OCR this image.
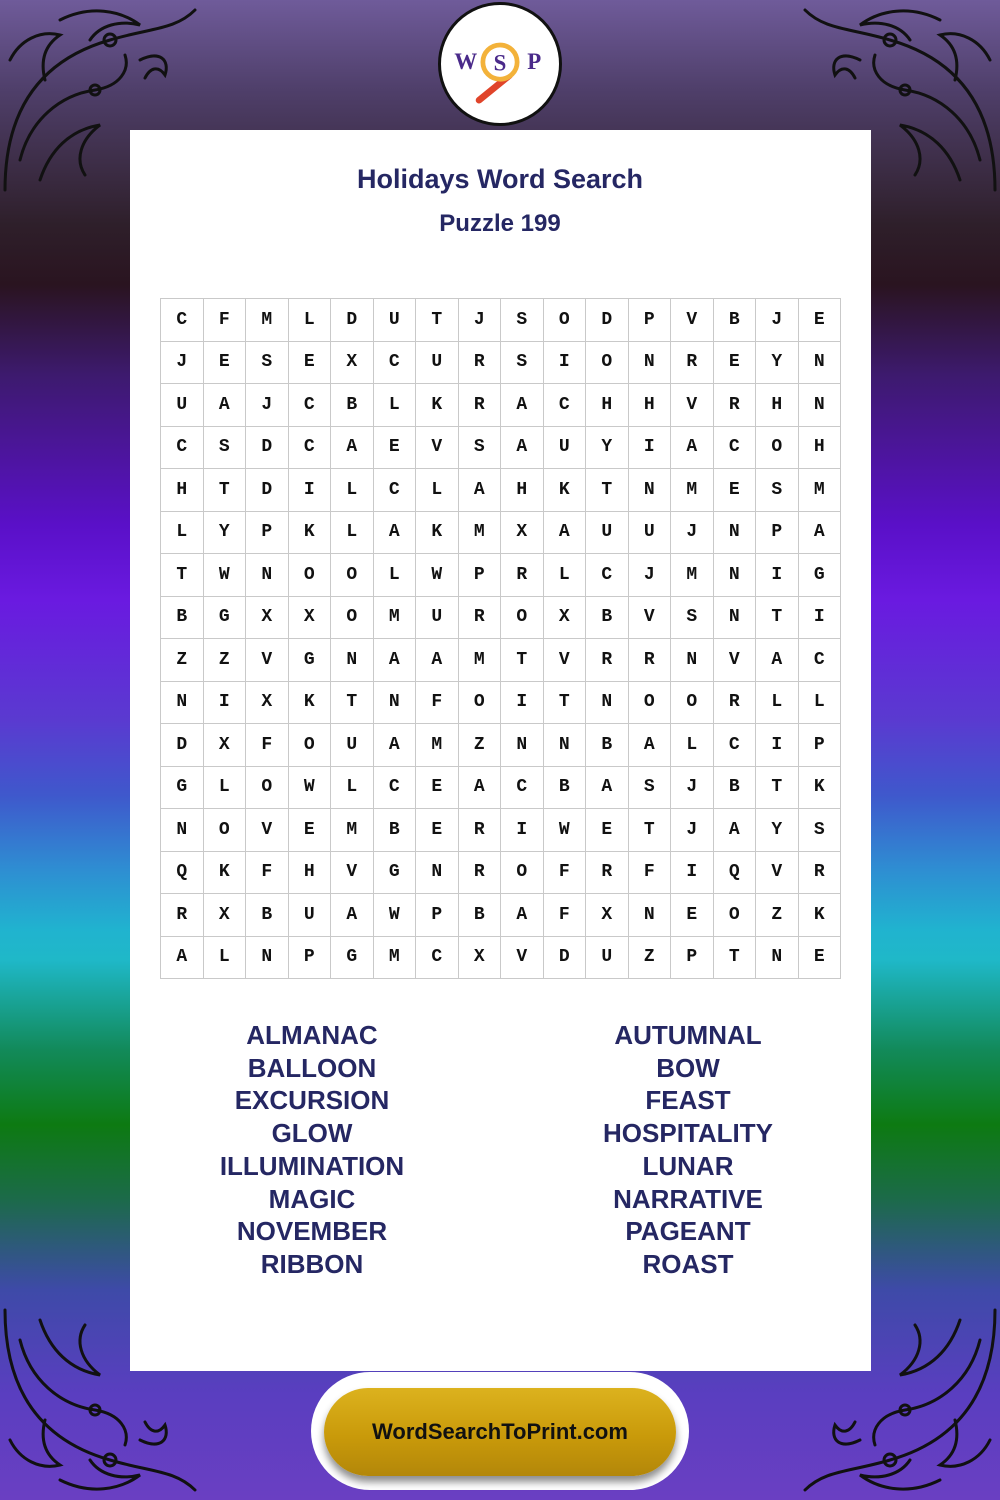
W S P
Holidays Word Search
Puzzle 199
C	F	M	L	D	U	T	J	S	O	D	P	V	B	J	E
J	E	S	E	X	C	U	R	S	I	O	N	R	E	Y	N
U	A	J	C	B	L	K	R	A	C	H	H	V	R	H	N
C	S	D	C	A	E	V	S	A	U	Y	I	A	C	O	H
H	T	D	I	L	C	L	A	H	K	T	N	M	E	S	M
L	Y	P	K	L	A	K	M	X	A	U	U	J	N	P	A
T	W	N	O	O	L	W	P	R	L	C	J	M	N	I	G
B	G	X	X	O	M	U	R	O	X	B	V	S	N	T	I
Z	Z	V	G	N	A	A	M	T	V	R	R	N	V	A	C
N	I	X	K	T	N	F	O	I	T	N	O	O	R	L	L
D	X	F	O	U	A	M	Z	N	N	B	A	L	C	I	P
G	L	O	W	L	C	E	A	C	B	A	S	J	B	T	K
N	O	V	E	M	B	E	R	I	W	E	T	J	A	Y	S
Q	K	F	H	V	G	N	R	O	F	R	F	I	Q	V	R
R	X	B	U	A	W	P	B	A	F	X	N	E	O	Z	K
A	L	N	P	G	M	C	X	V	D	U	Z	P	T	N	E
ALMANAC
BALLOON
EXCURSION
GLOW
ILLUMINATION
MAGIC
NOVEMBER
RIBBON
AUTUMNAL
BOW
FEAST
HOSPITALITY
LUNAR
NARRATIVE
PAGEANT
ROAST
WordSearchToPrint.com
